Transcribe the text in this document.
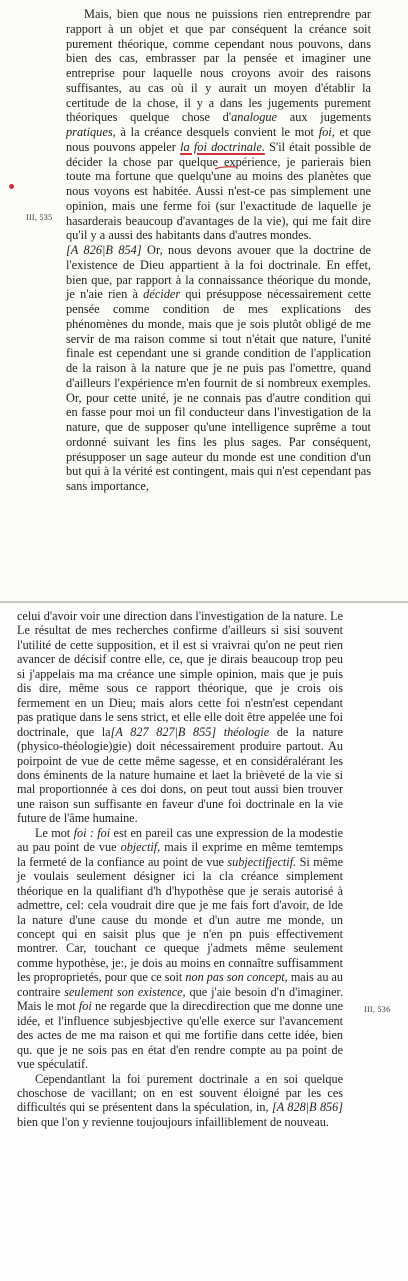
III, 535

Mais, bien que nous ne puissions rien entreprendre par rapport à un objet et que par conséquent la créance soit purement théorique, comme cependant nous pouvons, dans bien des cas, embrasser par la pensée et imaginer une entreprise pour laquelle nous croyons avoir des raisons suffisantes, au cas où il y aurait un moyen d'établir la certitude de la chose, il y a dans les jugements purement théoriques quelque chose d'analogue aux jugements pratiques, à la créance desquels convient le mot foi, et que nous pouvons appeler la foi doctrinale. S'il était possible de décider la chose par quelque expérience, je parierais bien toute ma fortune que quelqu'une au moins des planètes que nous voyons est habitée. Aussi n'est-ce pas simplement une opinion, mais une ferme foi (sur l'exactitude de laquelle je hasarderais beaucoup d'avantages de la vie), qui me fait dire qu'il y a aussi des habitants dans d'autres mondes.

[A 826|B 854] Or, nous devons avouer que la doctrine de l'existence de Dieu appartient à la foi doctrinale. En effet, bien que, par rapport à la connaissance théorique du monde, je n'aie rien à décider qui présuppose nécessairement cette pensée comme condition de mes explications des phénomènes du monde, mais que je sois plutôt obligé de me servir de ma raison comme si tout n'était que nature, l'unité finale est cependant une si grande condition de l'application de la raison à la nature que je ne puis pas l'omettre, quand d'ailleurs l'expérience m'en fournit de si nombreux exemples. Or, pour cette unité, je ne connais pas d'autre condition qui en fasse pour moi un fil conducteur dans l'investigation de la nature, que de supposer qu'une intelligence suprême a tout ordonné suivant les fins les plus sages. Par conséquent, présupposer un sage auteur du monde est une condition d'un but qui à la vérité est contingent, mais qui n'est cependant pas sans importance,

III, 536

celui d'avoir voir une direction dans l'investigation de la nature. Le Le résultat de mes recherches confirme d'ailleurs si sisi souvent l'utilité de cette supposition, et il est si vraivrai qu'on ne peut rien avancer de décisif contre elle, ce, que je dirais beaucoup trop peu si j'appelais ma ma créance une simple opinion, mais que je puis dis dire, même sous ce rapport théorique, que je crois ois fermement en un Dieu; mais alors cette foi n'estn'est cependant pas pratique dans le sens strict, et elle elle doit être appelée une foi doctrinale, que la[A 827 827|B 855] théologie de la nature (physico-théologie)gie) doit nécessairement produire partout. Au poirpoint de vue de cette même sagesse, et en considéralérant les dons éminents de la nature humaine et laet la brièveté de la vie si mal proportionnée à ces doi dons, on peut tout aussi bien trouver une raison sun suffisante en faveur d'une foi doctrinale en la vie future de l'âme humaine.

Le mot foi : foi est en pareil cas une expression de la modestie au pau point de vue objectif, mais il exprime en même temtemps la fermeté de la confiance au point de vue subjectifjectif. Si même je voulais seulement désigner ici la cla créance simplement théorique en la qualifiant d'h d'hypothèse que je serais autorisé à admettre, cel: cela voudrait dire que je me fais fort d'avoir, de lde la nature d'une cause du monde et d'un autre me monde, un concept qui en saisit plus que je n'en pn puis effectivement montrer. Car, touchant ce queque j'admets même seulement comme hypothèse, je:, je dois au moins en connaître suffisamment les proproprietés, pour que ce soit non pas son concept, mais au au contraire seulement son existence, que j'aie besoin d'n d'imaginer. Mais le mot foi ne regarde que la direcdirection que me donne une idée, et l'influence subjesbjective qu'elle exerce sur l'avancement des actes de me ma raison et qui me fortifie dans cette idée, bien qu. que je ne sois pas en état d'en rendre compte au pa point de vue spéculatif.

Cependantlant la foi purement doctrinale a en soi quelque choschose de vacillant; on en est souvent éloigné par les ces difficultés qui se présentent dans la spéculation, in, [A 828|B 856] bien que l'on y revienne toujoujours infailliblement de nouveau.
